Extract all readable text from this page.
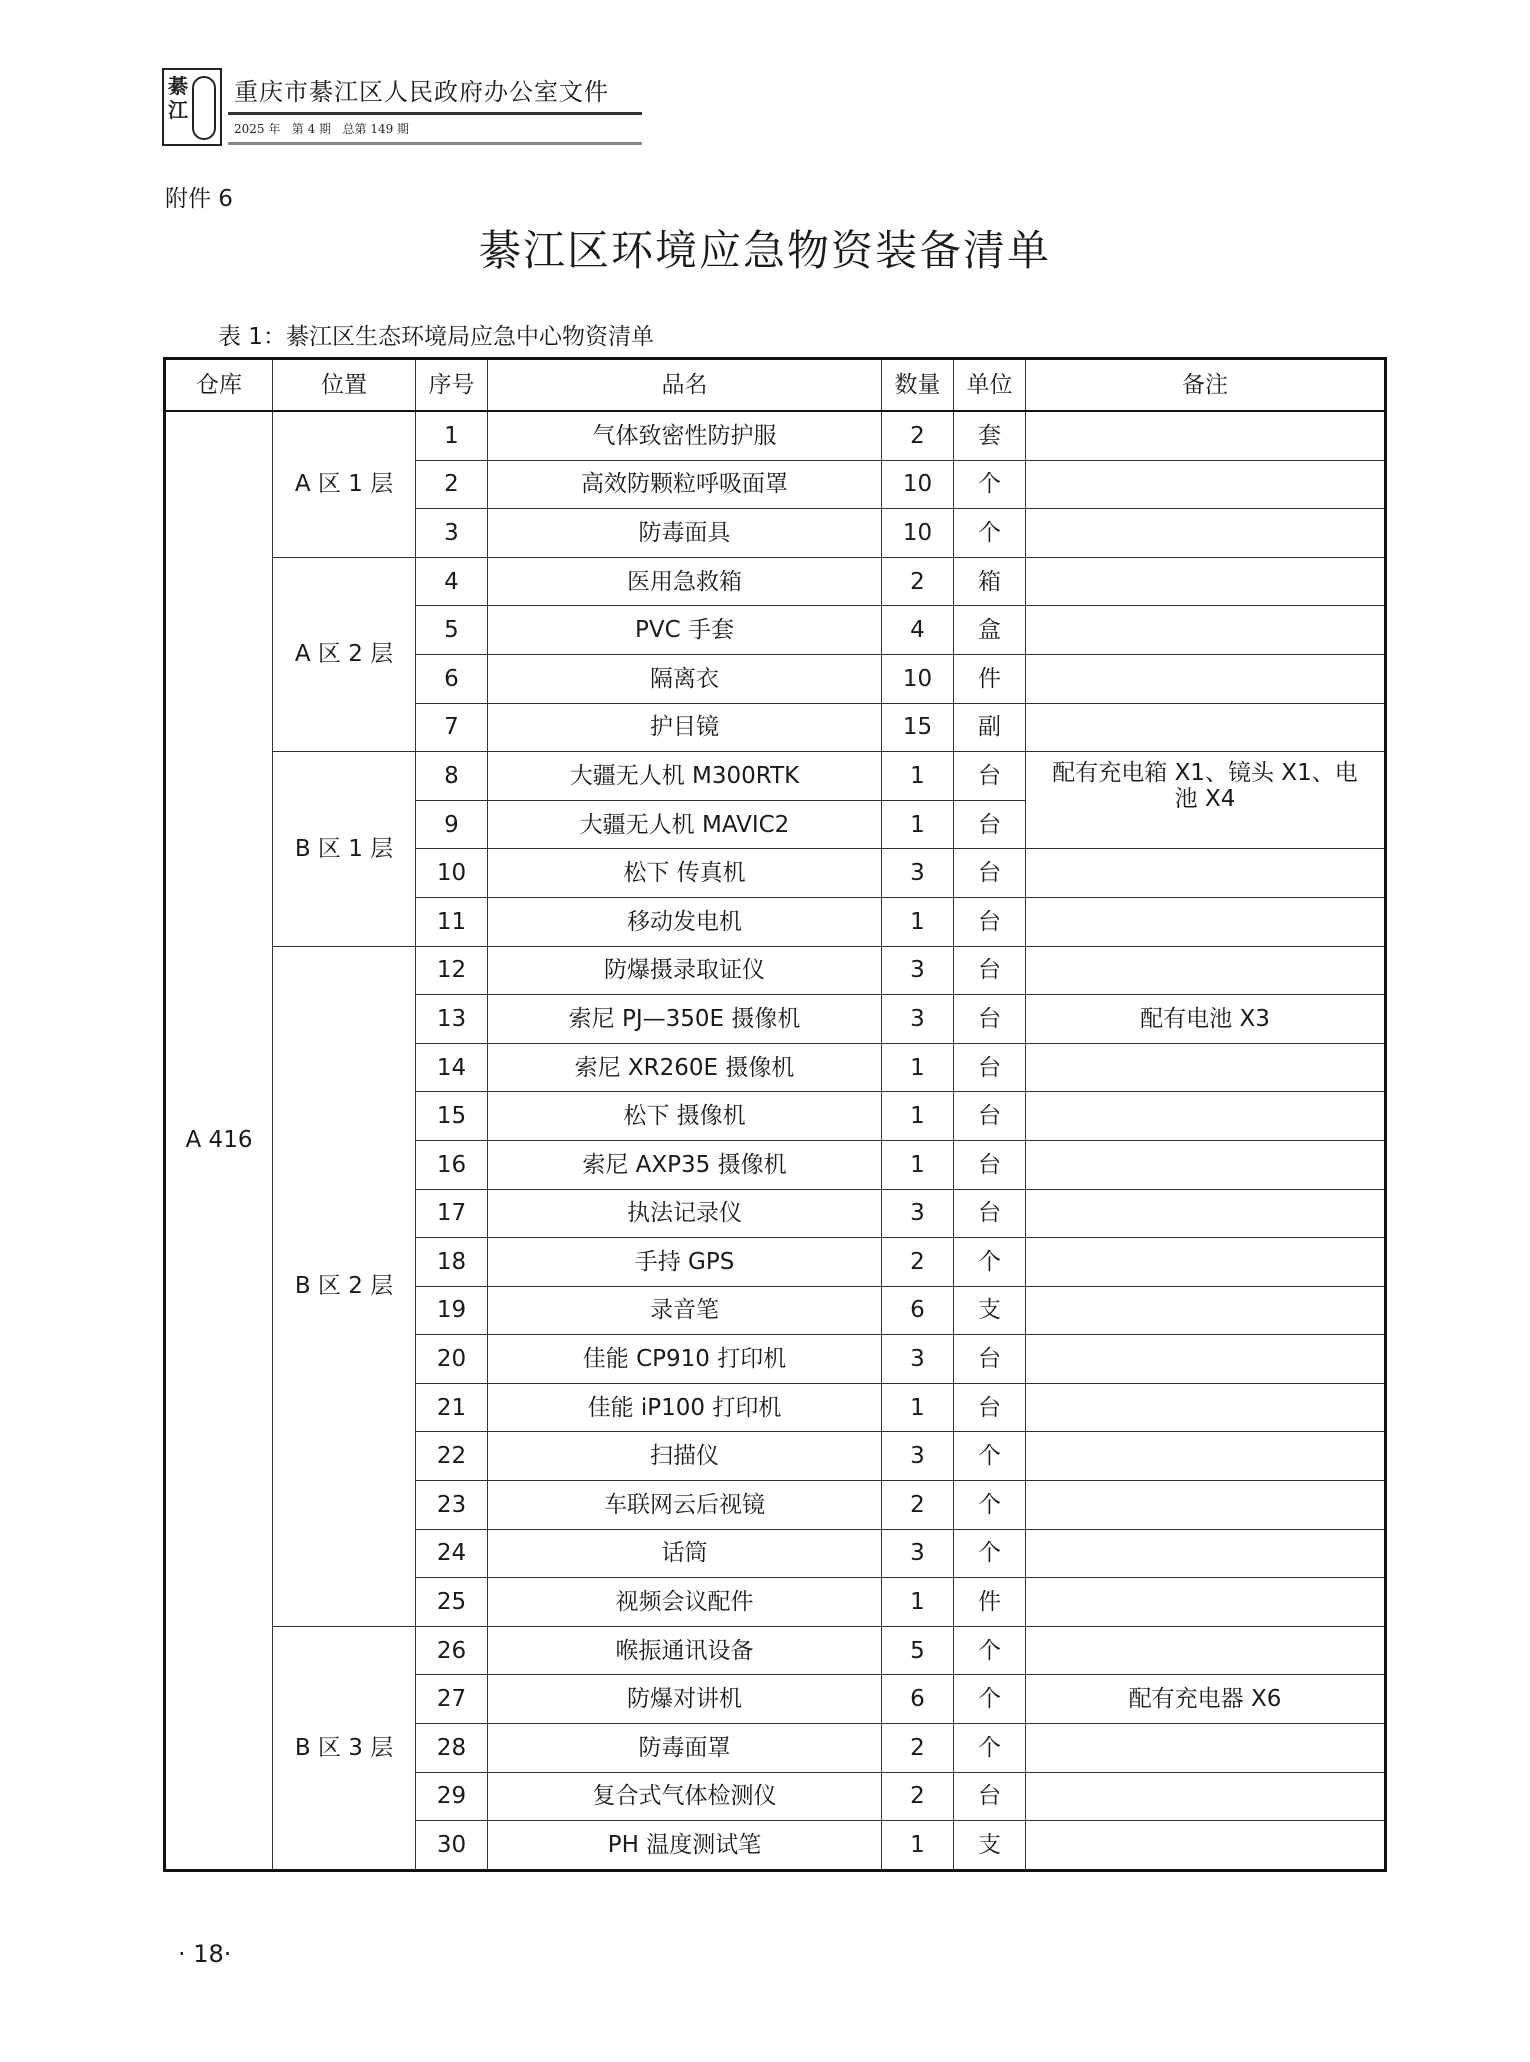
綦江
重庆市綦江区人民政府办公室文件
2025 年   第 4 期   总第 149 期
附件 6
綦江区环境应急物资装备清单
表 1：綦江区生态环境局应急中心物资清单
仓库	位置	序号	品名	数量	单位	备注
A 416	A 区 1 层	1	气体致密性防护服	2	套	
		2	高效防颗粒呼吸面罩	10	个	
		3	防毒面具	10	个	
	A 区 2 层	4	医用急救箱	2	箱	
		5	PVC 手套	4	盒	
		6	隔离衣	10	件	
		7	护目镜	15	副	
	B 区 1 层	8	大疆无人机 M300RTK	1	台	配有充电箱 X1、镜头 X1、电
池 X4
		9	大疆无人机 MAVIC2	1	台	
		10	松下 传真机	3	台	
		11	移动发电机	1	台	
	B 区 2 层	12	防爆摄录取证仪	3	台	
		13	索尼 PJ—350E 摄像机	3	台	配有电池 X3
		14	索尼 XR260E 摄像机	1	台	
		15	松下 摄像机	1	台	
		16	索尼 AXP35 摄像机	1	台	
		17	执法记录仪	3	台	
		18	手持 GPS	2	个	
		19	录音笔	6	支	
		20	佳能 CP910 打印机	3	台	
		21	佳能 iP100 打印机	1	台	
		22	扫描仪	3	个	
		23	车联网云后视镜	2	个	
		24	话筒	3	个	
		25	视频会议配件	1	件	
	B 区 3 层	26	喉振通讯设备	5	个	
		27	防爆对讲机	6	个	配有充电器 X6
		28	防毒面罩	2	个	
		29	复合式气体检测仪	2	台	
		30	PH 温度测试笔	1	支	
· 18·
